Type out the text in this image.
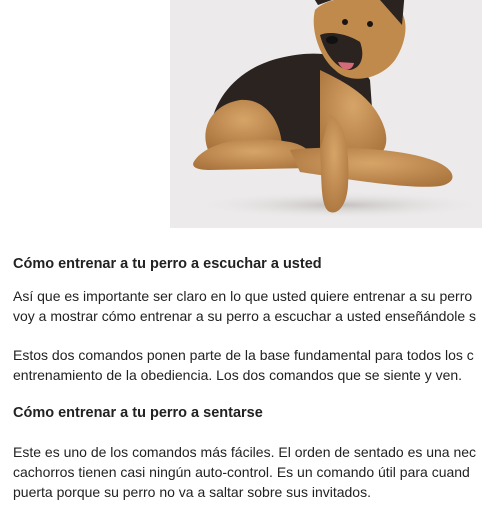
Cómo entrenar a tu perro a escuchar a usted

Así que es importante ser claro en lo que usted quiere entrenar a su perro
voy a mostrar cómo entrenar a su perro a escuchar a usted enseñándole s

Estos dos comandos ponen parte de la base fundamental para todos los c
entrenamiento de la obediencia. Los dos comandos que se siente y ven.

Cómo entrenar a tu perro a sentarse

Este es uno de los comandos más fáciles. El orden de sentado es una nec
cachorros tienen casi ningún auto-control. Es un comando útil para cuand
puerta porque su perro no va a saltar sobre sus invitados.
